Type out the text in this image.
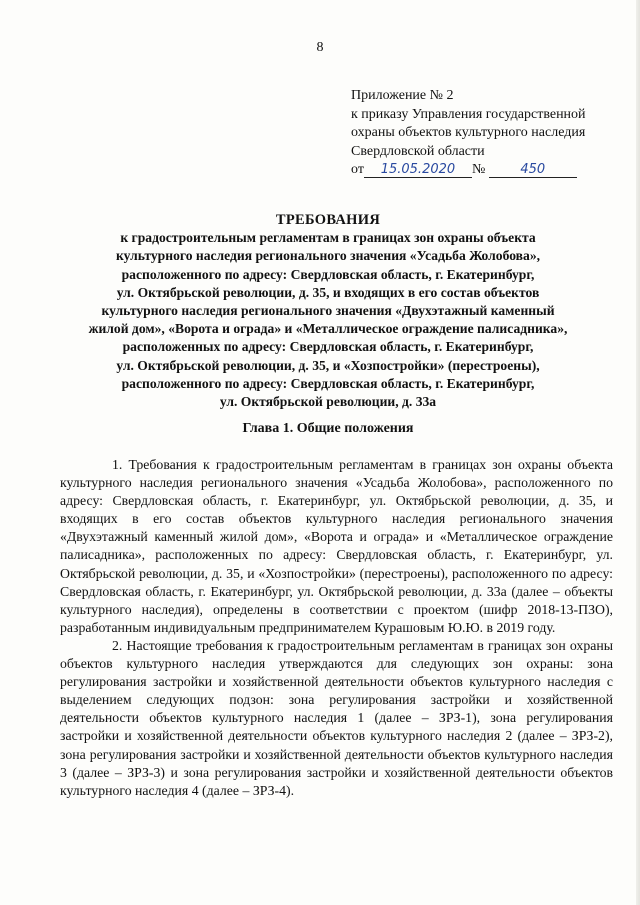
8
Приложение № 2
к приказу Управления государственной
охраны объектов культурного наследия
Свердловской области
от 15.05.2020 №	450
ТРЕБОВАНИЯ
к градостроительным регламентам в границах зон охраны объекта
культурного наследия регионального значения «Усадьба Жолобова»,
расположенного по адресу: Свердловская область, г. Екатеринбург,
ул. Октябрьской революции, д. 35, и входящих в его состав объектов
культурного наследия регионального значения «Двухэтажный каменный
жилой дом», «Ворота и ограда» и «Металлическое ограждение палисадника»,
расположенных по адресу: Свердловская область, г. Екатеринбург,
ул. Октябрьской революции, д. 35, и «Хозпостройки» (перестроены),
расположенного по адресу: Свердловская область, г. Екатеринбург,
ул. Октябрьской революции, д. 33а
Глава 1. Общие положения

1. Требования к градостроительным регламентам в границах зон охраны объекта культурного наследия регионального значения «Усадьба Жолобова», расположенного по адресу: Свердловская область, г. Екатеринбург, ул. Октябрьской революции, д. 35, и входящих в его состав объектов культурного наследия регионального значения «Двухэтажный каменный жилой дом», «Ворота и ограда» и «Металлическое ограждение палисадника», расположенных по адресу: Свердловская область, г. Екатеринбург, ул. Октябрьской революции, д. 35, и «Хозпостройки» (перестроены), расположенного по адресу: Свердловская область, г. Екатеринбург, ул. Октябрьской революции, д. 33а (далее – объекты культурного наследия), определены в соответствии с проектом (шифр 2018-13-ПЗО), разработанным индивидуальным предпринимателем Курашовым Ю.Ю. в 2019 году.

2. Настоящие требования к градостроительным регламентам в границах зон охраны объектов культурного наследия утверждаются для следующих зон охраны: зона регулирования застройки и хозяйственной деятельности объектов культурного наследия с выделением следующих подзон: зона регулирования застройки и хозяйственной деятельности объектов культурного наследия 1 (далее – ЗРЗ-1), зона регулирования застройки и хозяйственной деятельности объектов культурного наследия 2 (далее – ЗРЗ-2), зона регулирования застройки и хозяйственной деятельности объектов культурного наследия 3 (далее – ЗРЗ-3) и зона регулирования застройки и хозяйственной деятельности объектов культурного наследия 4 (далее – ЗРЗ-4).
